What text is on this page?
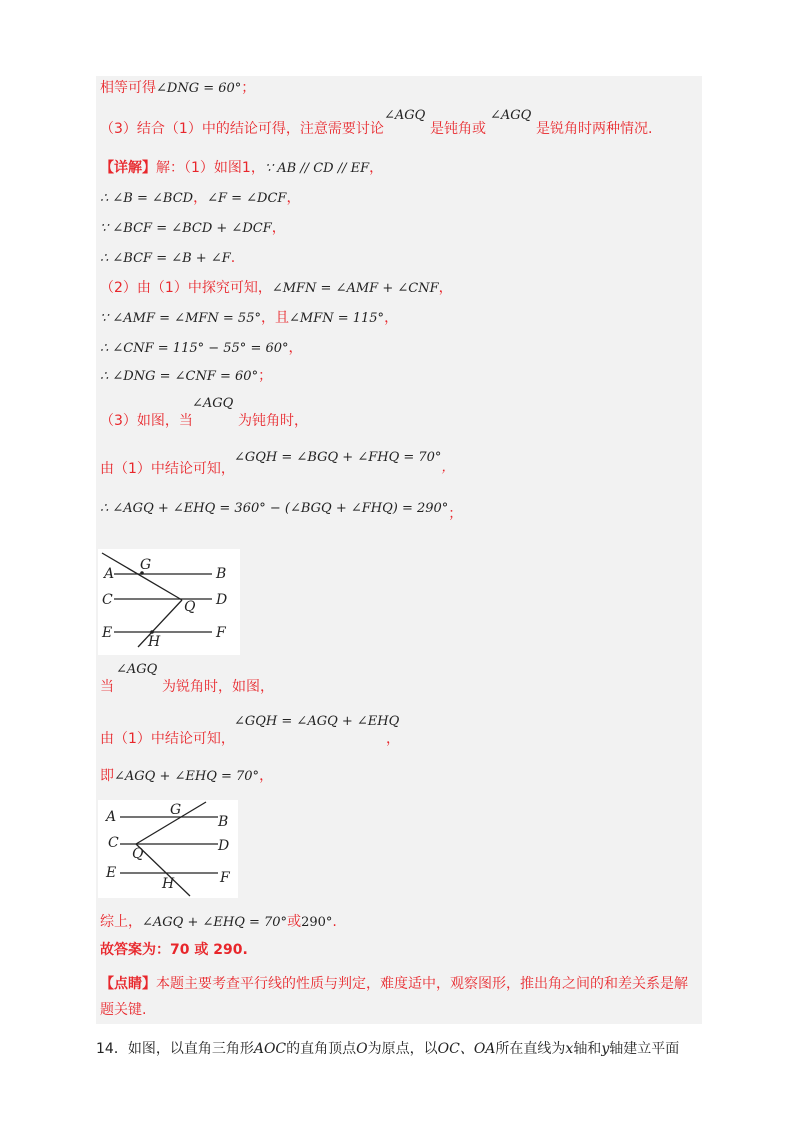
相等可得∠DNG = 60°；
（3）结合（1）中的结论可得，注意需要讨论
∠AGQ
是钝角或
∠AGQ
是锐角时两种情况.
【详解】解：（1）如图1，∵ AB // CD // EF，
∴ ∠B = ∠BCD，∠F = ∠DCF，
∵ ∠BCF = ∠BCD + ∠DCF，
∴ ∠BCF = ∠B + ∠F.
（2）由（1）中探究可知，∠MFN = ∠AMF + ∠CNF，
∵ ∠AMF = ∠MFN = 55°，且∠MFN = 115°，
∴ ∠CNF = 115° − 55° = 60°，
∴ ∠DNG = ∠CNF = 60°；
（3）如图，当
∠AGQ
为钝角时，
∠GQH = ∠BGQ + ∠FHQ = 70°，
由（1）中结论可知，
∴ ∠AGQ + ∠EHQ = 360° − (∠BGQ + ∠FHQ) = 290°；
A
G
B
C	Q D
E
H
F
当
∠AGQ
为锐角时，如图，
由（1）中结论可知，
∠GQH = ∠AGQ + ∠EHQ
，
即∠AGQ + ∠EHQ = 70°，
A	G
B
C
Q	D
E
H	F
综上，∠AGQ + ∠EHQ = 70°或290°.
故答案为：70 或 290.
【点睛】本题主要考查平行线的性质与判定，难度适中，观察图形，推出角之间的和差关系是解
题关键.
14．如图，以直角三角形AOC的直角顶点O为原点，以OC、OA所在直线为x轴和y轴建立平面
